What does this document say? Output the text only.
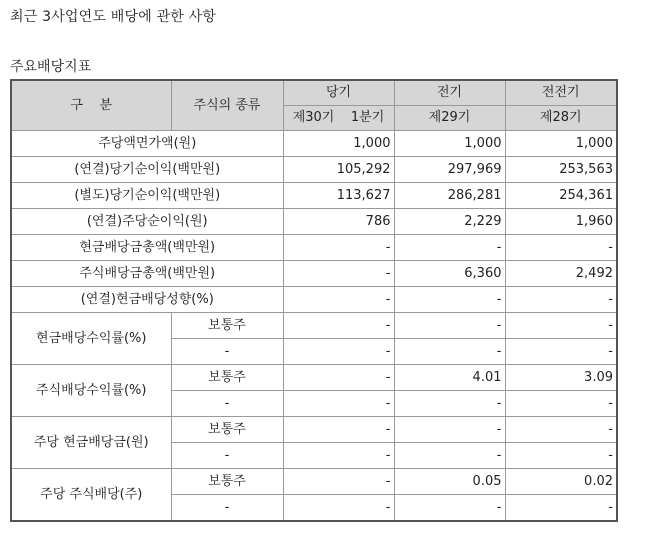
최근 3사업연도 배당에 관한 사항
주요배당지표
구    분	주식의 종류	당기	전기	전전기
		제30기    1분기	제29기	제28기
주당액면가액(원)		1,000	1,000	1,000
(연결)당기순이익(백만원)		105,292	297,969	253,563
(별도)당기순이익(백만원)		113,627	286,281	254,361
(연결)주당순이익(원)		786	2,229	1,960
현금배당금총액(백만원)		-	-	-
주식배당금총액(백만원)		-	6,360	2,492
(연결)현금배당성향(%)		-	-	-
현금배당수익률(%)	보통주	-	-	-
	-	-	-	-
주식배당수익률(%)	보통주	-	4.01	3.09
	-	-	-	-
주당 현금배당금(원)	보통주	-	-	-
	-	-	-	-
주당 주식배당(주)	보통주	-	0.05	0.02
	-	-	-	-
